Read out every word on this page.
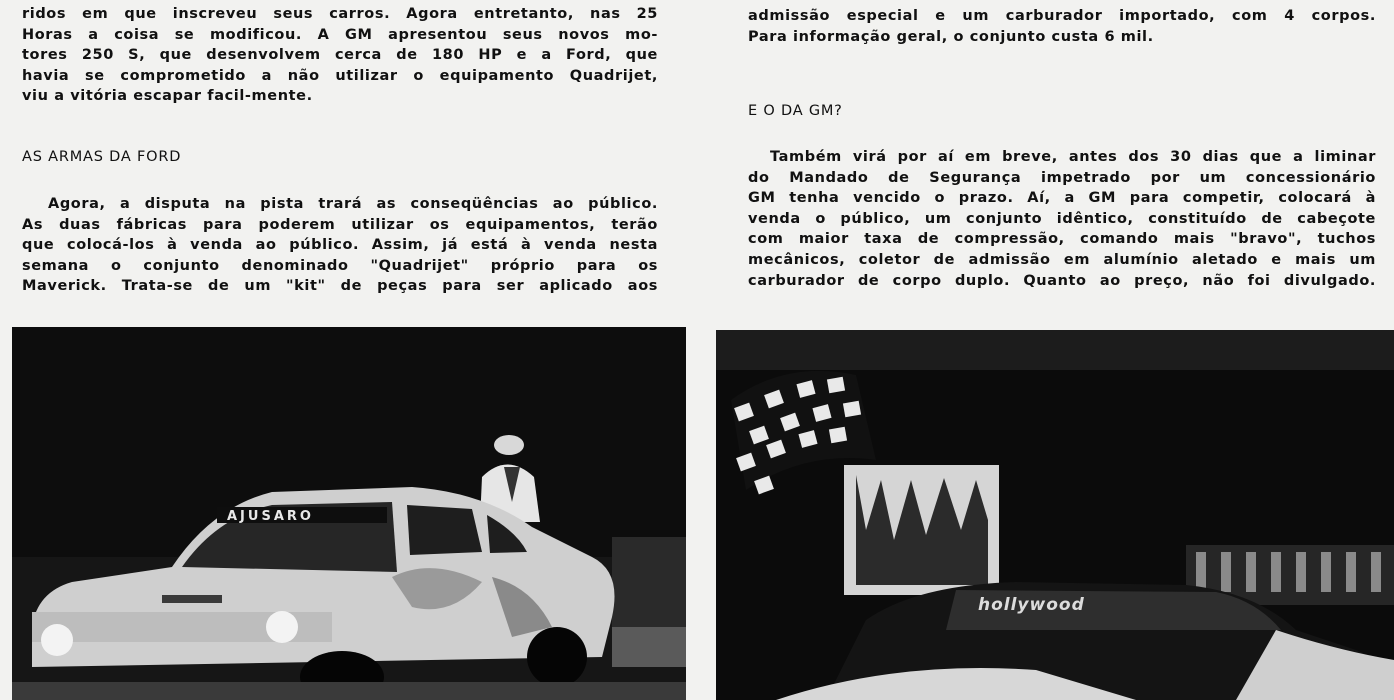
ridos em que inscreveu seus carros. Agora entretanto, nas 25
Horas a coisa se modificou. A GM apresentou seus novos mo-
tores 250 S, que desenvolvem cerca de 180 HP e a Ford, que
havia se comprometido a não utilizar o equipamento Quadrijet,
viu a vitória escapar facil-mente.
AS ARMAS DA FORD
Agora, a disputa na pista trará as conseqüências ao público.
As duas fábricas para poderem utilizar os equipamentos, terão
que colocá-los à venda ao público. Assim, já está à venda nesta
semana o conjunto denominado "Quadrijet" próprio para os
Maverick. Trata-se de um "kit" de peças para ser aplicado aos
admissão especial e um carburador importado, com 4 corpos.
Para informação geral, o conjunto custa 6 mil.
E O DA GM?
Também virá por aí em breve, antes dos 30 dias que a liminar
do Mandado de Segurança impetrado por um concessionário
GM tenha vencido o prazo. Aí, a GM para competir, colocará à
venda o público, um conjunto idêntico, constituído de cabeçote
com maior taxa de compressão, comando mais "bravo", tuchos
mecânicos, coletor de admissão em alumínio aletado e mais um
carburador de corpo duplo. Quanto ao preço, não foi divulgado.
AJUSARO
hollywood
